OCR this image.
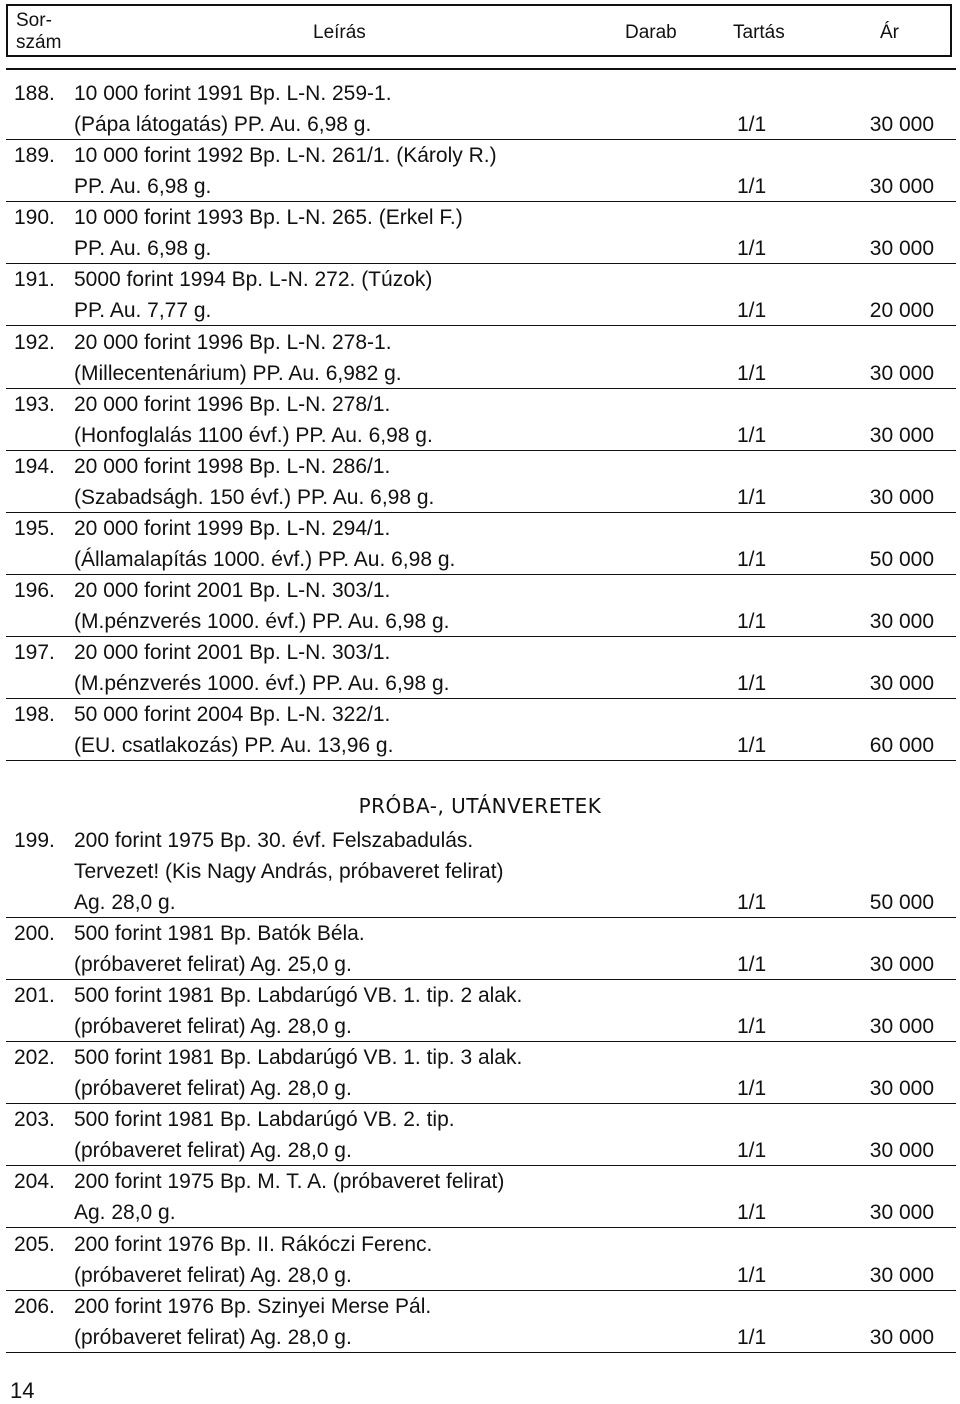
Sor-szám	Leírás	Darab	Tartás	Ár
188. 10 000 forint 1991 Bp. L-N. 259-1.
(Pápa látogatás) PP. Au. 6,98 g.	1/1	30 000
189. 10 000 forint 1992 Bp. L-N. 261/1. (Károly R.)
PP. Au. 6,98 g.	1/1	30 000
190. 10 000 forint 1993 Bp. L-N. 265. (Erkel F.)
PP. Au. 6,98 g.	1/1	30 000
191. 5000 forint 1994 Bp. L-N. 272. (Túzok)
PP. Au. 7,77 g.	1/1	20 000
192. 20 000 forint 1996 Bp. L-N. 278-1.
(Millecentenárium) PP. Au. 6,982 g.	1/1	30 000
193. 20 000 forint 1996 Bp. L-N. 278/1.
(Honfoglalás 1100 évf.) PP. Au. 6,98 g.	1/1	30 000
194. 20 000 forint 1998 Bp. L-N. 286/1.
(Szabadságh. 150 évf.) PP. Au. 6,98 g.	1/1	30 000
195. 20 000 forint 1999 Bp. L-N. 294/1.
(Államalapítás 1000. évf.) PP. Au. 6,98 g.	1/1	50 000
196. 20 000 forint 2001 Bp. L-N. 303/1.
(M.pénzverés 1000. évf.) PP. Au. 6,98 g.	1/1	30 000
197. 20 000 forint 2001 Bp. L-N. 303/1.
(M.pénzverés 1000. évf.) PP. Au. 6,98 g.	1/1	30 000
198. 50 000 forint 2004 Bp. L-N. 322/1.
(EU. csatlakozás) PP. Au. 13,96 g.	1/1	60 000
199. 200 forint 1975 Bp. 30. évf. Felszabadulás.
Tervezet! (Kis Nagy András, próbaveret felirat)
Ag. 28,0 g.	1/1	50 000
200. 500 forint 1981 Bp. Batók Béla.
(próbaveret felirat) Ag. 25,0 g.	1/1	30 000
201. 500 forint 1981 Bp. Labdarúgó VB. 1. tip. 2 alak.
(próbaveret felirat) Ag. 28,0 g.	1/1	30 000
202. 500 forint 1981 Bp. Labdarúgó VB. 1. tip. 3 alak.
(próbaveret felirat) Ag. 28,0 g.	1/1	30 000
203. 500 forint 1981 Bp. Labdarúgó VB. 2. tip.
(próbaveret felirat) Ag. 28,0 g.	1/1	30 000
204. 200 forint 1975 Bp. M. T. A. (próbaveret felirat)
Ag. 28,0 g.	1/1	30 000
205. 200 forint 1976 Bp. II. Rákóczi Ferenc.
(próbaveret felirat) Ag. 28,0 g.	1/1	30 000
206. 200 forint 1976 Bp. Szinyei Merse Pál.
(próbaveret felirat) Ag. 28,0 g.	1/1	30 000
PRÓBA-, UTÁNVERETEK
14
